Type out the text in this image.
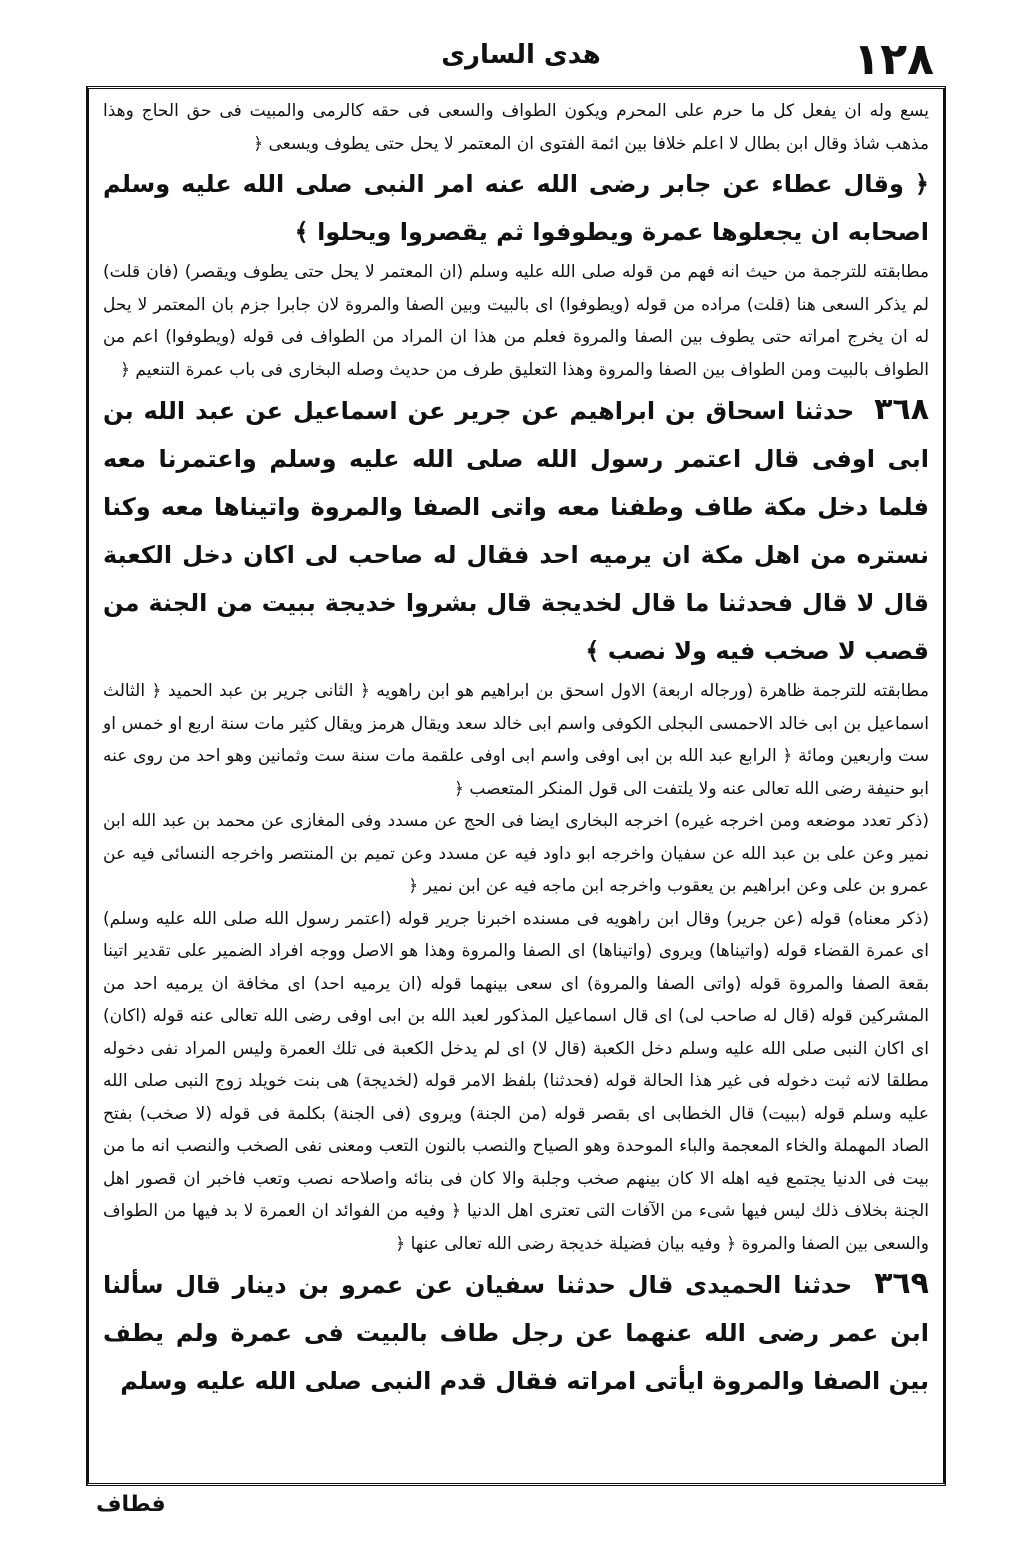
هدى السارى	١٢٨

يسع وله ان يفعل كل ما حرم على المحرم ويكون الطواف والسعى فى حقه كالرمى والمبيت فى حق الحاج وهذا مذهب شاذ وقال ابن بطال لا اعلم خلافا بين ائمة الفتوى ان المعتمر لا يحل حتى يطوف ويسعى ﴿

﴿ وقال عطاء عن جابر رضى الله عنه امر النبى صلى الله عليه وسلم اصحابه ان يجعلوها عمرة ويطوفوا ثم يقصروا ويحلوا ﴾

مطابقته للترجمة من حيث انه فهم من قوله صلى الله عليه وسلم (ان المعتمر لا يحل حتى يطوف ويقصر) (فان قلت) لم يذكر السعى هنا (قلت) مراده من قوله (ويطوفوا) اى بالبيت وبين الصفا والمروة لان جابرا جزم بان المعتمر لا يحل له ان يخرج امراته حتى يطوف بين الصفا والمروة فعلم من هذا ان المراد من الطواف فى قوله (ويطوفوا) اعم من الطواف بالبيت ومن الطواف بين الصفا والمروة وهذا التعليق طرف من حديث وصله البخارى فى باب عمرة التنعيم ﴿

٣٦٨ حدثنا اسحاق بن ابراهيم عن جرير عن اسماعيل عن عبد الله بن ابى اوفى قال اعتمر رسول الله صلى الله عليه وسلم واعتمرنا معه فلما دخل مكة طاف وطفنا معه واتى الصفا والمروة واتيناها معه وكنا نستره من اهل مكة ان يرميه احد فقال له صاحب لى اكان دخل الكعبة قال لا قال فحدثنا ما قال لخديجة قال بشروا خديجة ببيت من الجنة من قصب لا صخب فيه ولا نصب ﴾

مطابقته للترجمة ظاهرة (ورجاله اربعة) الاول اسحق بن ابراهيم هو ابن راهويه ﴿ الثانى جرير بن عبد الحميد ﴿ الثالث اسماعيل بن ابى خالد الاحمسى البجلى الكوفى واسم ابى خالد سعد ويقال هرمز ويقال كثير مات سنة اربع او خمس او ست واربعين ومائة ﴿ الرابع عبد الله بن ابى اوفى واسم ابى اوفى علقمة مات سنة ست وثمانين وهو احد من روى عنه ابو حنيفة رضى الله تعالى عنه ولا يلتفت الى قول المنكر المتعصب ﴿

(ذكر تعدد موضعه ومن اخرجه غيره) اخرجه البخارى ايضا فى الحج عن مسدد وفى المغازى عن محمد بن عبد الله ابن نمير وعن على بن عبد الله عن سفيان واخرجه ابو داود فيه عن مسدد وعن تميم بن المنتصر واخرجه النسائى فيه عن عمرو بن على وعن ابراهيم بن يعقوب واخرجه ابن ماجه فيه عن ابن نمير ﴿

(ذكر معناه) قوله (عن جرير) وقال ابن راهويه فى مسنده اخبرنا جرير قوله (اعتمر رسول الله صلى الله عليه وسلم) اى عمرة القضاء قوله (واتيناها) ويروى (واتيناها) اى الصفا والمروة وهذا هو الاصل ووجه افراد الضمير على تقدير اتينا بقعة الصفا والمروة قوله (واتى الصفا والمروة) اى سعى بينهما قوله (ان يرميه احد) اى مخافة ان يرميه احد من المشركين قوله (قال له صاحب لى) اى قال اسماعيل المذكور لعبد الله بن ابى اوفى رضى الله تعالى عنه قوله (اكان) اى اكان النبى صلى الله عليه وسلم دخل الكعبة (قال لا) اى لم يدخل الكعبة فى تلك العمرة وليس المراد نفى دخوله مطلقا لانه ثبت دخوله فى غير هذا الحالة قوله (فحدثنا) بلفظ الامر قوله (لخديجة) هى بنت خويلد زوج النبى صلى الله عليه وسلم قوله (ببيت) قال الخطابى اى بقصر قوله (من الجنة) ويروى (فى الجنة) بكلمة فى قوله (لا صخب) بفتح الصاد المهملة والخاء المعجمة والباء الموحدة وهو الصياح والنصب بالنون التعب ومعنى نفى الصخب والنصب انه ما من بيت فى الدنيا يجتمع فيه اهله الا كان بينهم صخب وجلبة والا كان فى بنائه واصلاحه نصب وتعب فاخبر ان قصور اهل الجنة بخلاف ذلك ليس فيها شىء من الآفات التى تعترى اهل الدنيا ﴿ وفيه من الفوائد ان العمرة لا بد فيها من الطواف والسعى بين الصفا والمروة ﴿ وفيه بيان فضيلة خديجة رضى الله تعالى عنها ﴿

٣٦٩ حدثنا الحميدى قال حدثنا سفيان عن عمرو بن دينار قال سألنا ابن عمر رضى الله عنهما عن رجل طاف بالبيت فى عمرة ولم يطف بين الصفا والمروة ايأتى امراته فقال قدم النبى صلى الله عليه وسلم

فطاف
